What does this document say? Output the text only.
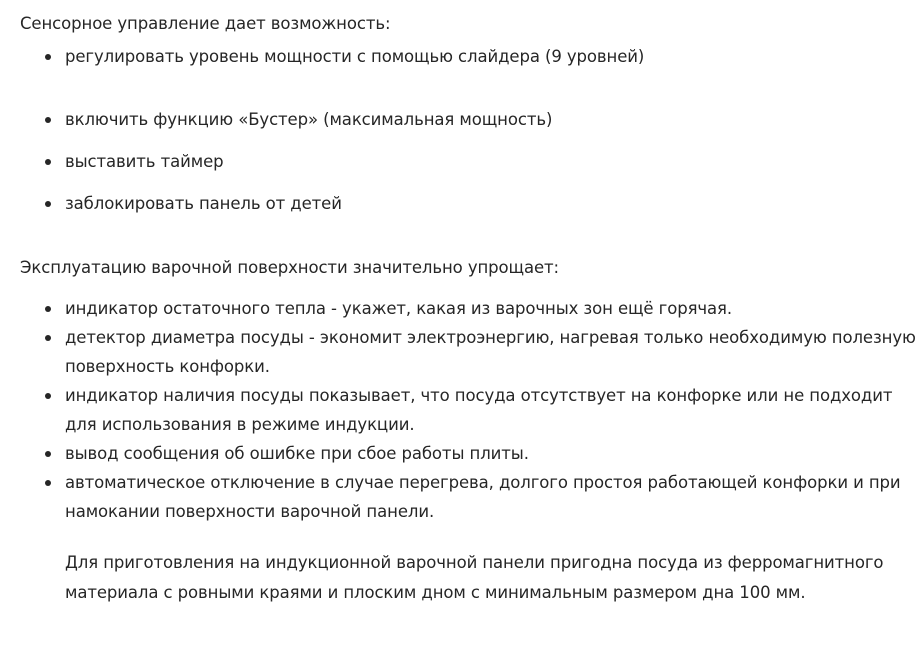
Сенсорное управление дает возможность:

регулировать уровень мощности с помощью слайдера (9 уровней)
включить функцию «Бустер» (максимальная мощность)
выставить таймер
заблокировать панель от детей

Эксплуатацию варочной поверхности значительно упрощает:

индикатор остаточного тепла - укажет, какая из варочных зон ещё горячая.
детектор диаметра посуды - экономит электроэнергию, нагревая только необходимую полезную поверхность конфорки.
индикатор наличия посуды показывает, что посуда отсутствует на конфорке или не подходит для использования в режиме индукции.
вывод сообщения об ошибке при сбое работы плиты.
автоматическое отключение в случае перегрева, долгого простоя работающей конфорки и при намокании поверхности варочной панели.

Для приготовления на индукционной варочной панели пригодна посуда из ферромагнитного материала с ровными краями и плоским дном с минимальным размером дна 100 мм.
